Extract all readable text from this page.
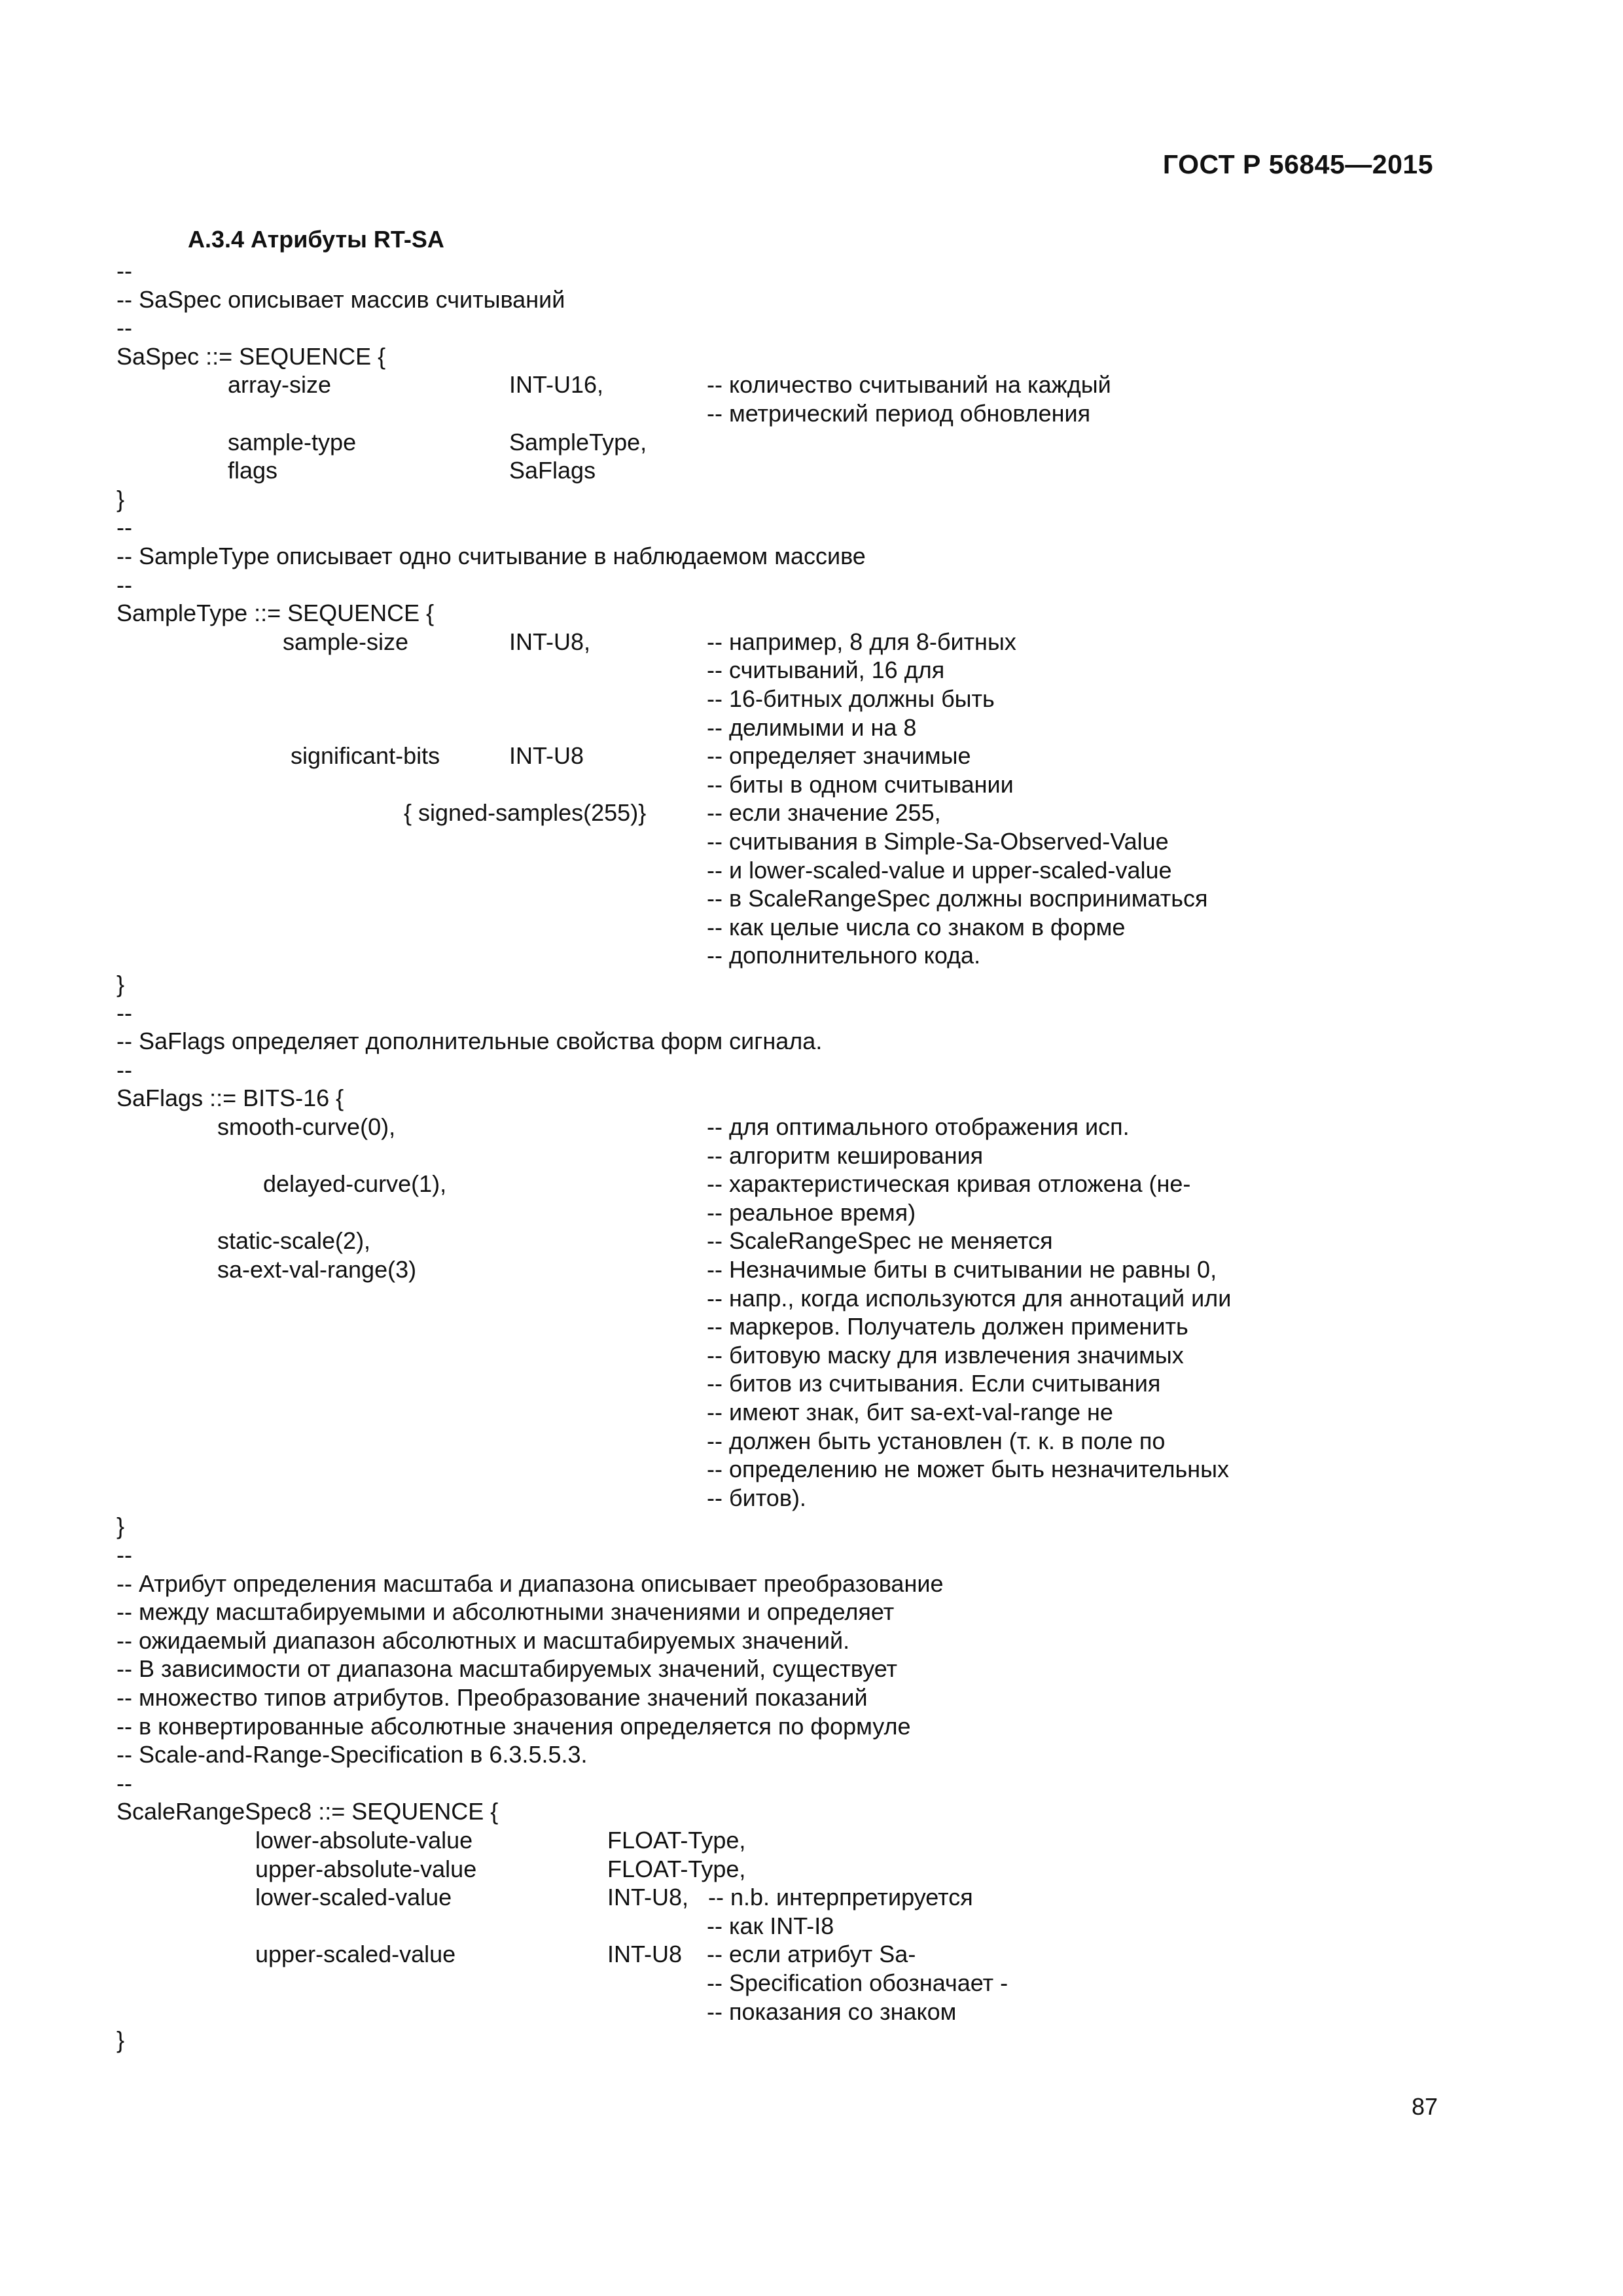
ГОСТ Р 56845—2015
А.3.4 Атрибуты RT-SA
--
-- SaSpec описывает массив считываний
--
SaSpec ::= SEQUENCE {
array-size	INT-U16,	-- количество считываний на каждый
-- метрический период обновления
sample-type	SampleType,
flags	SaFlags
}
--
-- SampleType описывает одно считывание в наблюдаемом массиве
--
SampleType ::= SEQUENCE {
sample-size	INT-U8,	-- например, 8 для 8-битных
-- считываний, 16 для
-- 16-битных должны быть
-- делимыми и на 8
significant-bits	INT-U8	-- определяет значимые
-- биты в одном считывании
{ signed-samples(255)}	-- если значение 255,
-- считывания в Simple-Sa-Observed-Value
-- и lower-scaled-value и upper-scaled-value
-- в ScaleRangeSpec должны восприниматься
-- как целые числа со знаком в форме
-- дополнительного кода.
}
--
-- SaFlags определяет дополнительные свойства форм сигнала.
--
SaFlags ::= BITS-16 {
smooth-curve(0),	-- для оптимального отображения исп.
-- алгоритм кеширования
delayed-curve(1),	-- характеристическая кривая отложена (не-
-- реальное время)
static-scale(2),	-- ScaleRangeSpec не меняется
sa-ext-val-range(3)	-- Незначимые биты в считывании не равны 0,
-- напр., когда используются для аннотаций или
-- маркеров. Получатель должен применить
-- битовую маску для извлечения значимых
-- битов из считывания. Если считывания
-- имеют знак, бит sa-ext-val-range не
-- должен быть установлен (т. к. в поле по
-- определению не может быть незначительных
-- битов).
}
--
-- Атрибут определения масштаба и диапазона описывает преобразование
-- между масштабируемыми и абсолютными значениями и определяет
-- ожидаемый диапазон абсолютных и масштабируемых значений.
-- В зависимости от диапазона масштабируемых значений, существует
-- множество типов атрибутов. Преобразование значений показаний
-- в конвертированные абсолютные значения определяется по формуле
-- Scale-and-Range-Specification в 6.3.5.5.3.
--
ScaleRangeSpec8 ::= SEQUENCE {
lower-absolute-value	FLOAT-Type,
upper-absolute-value	FLOAT-Type,
lower-scaled-value	INT-U8, -- n.b. интерпретируется
-- как INT-I8
upper-scaled-value	INT-U8 -- если атрибут Sa-
-- Specification обозначает -
-- показания со знаком
}
87
